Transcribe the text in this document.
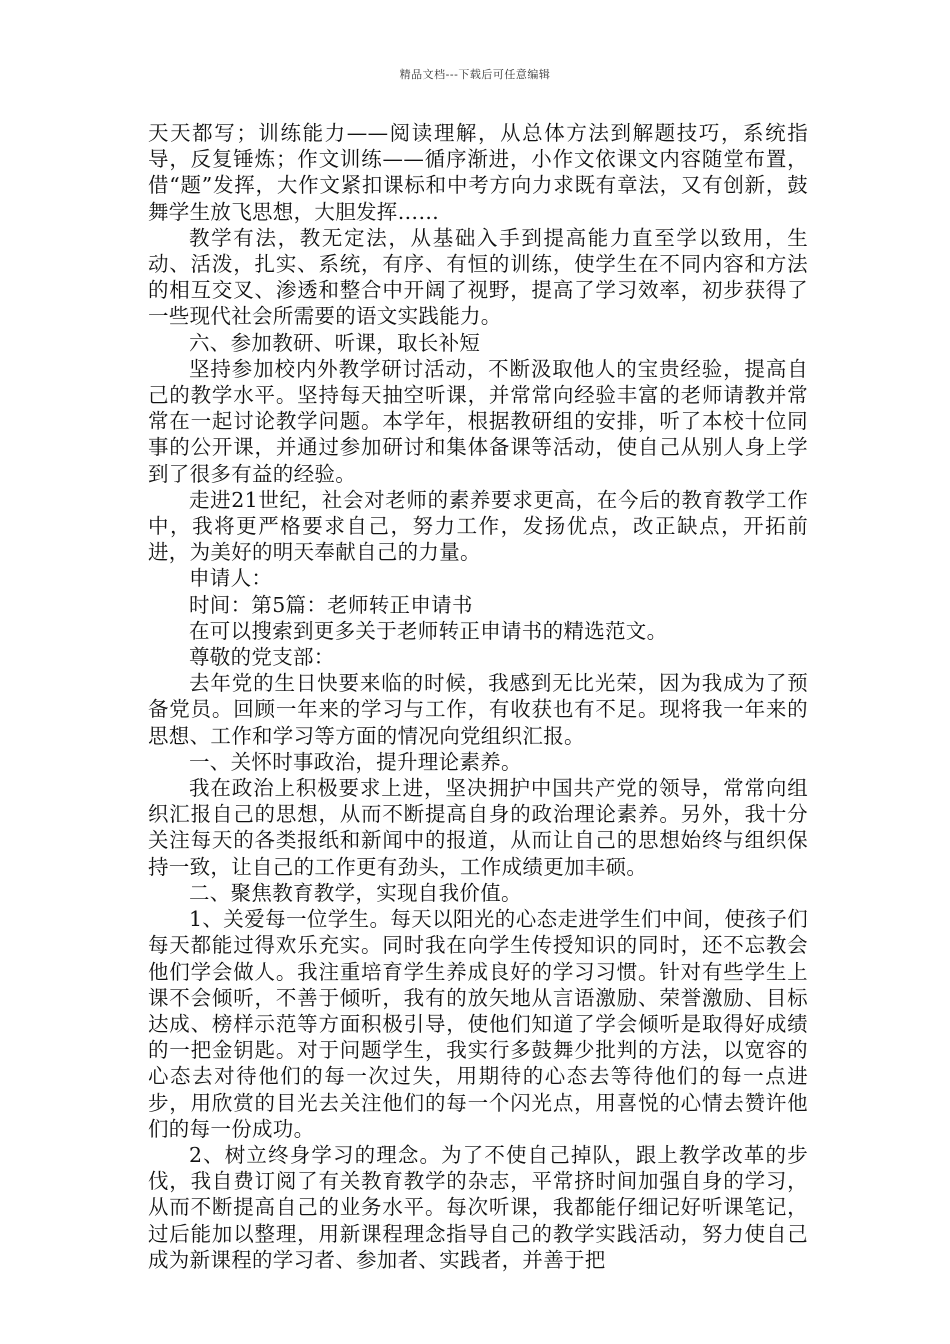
精品文档---下载后可任意编辑

天天都写；训练能力——阅读理解，从总体方法到解题技巧，系统指导，反复锤炼；作文训练——循序渐进，小作文依课文内容随堂布置，借“题”发挥，大作文紧扣课标和中考方向力求既有章法，又有创新，鼓舞学生放飞思想，大胆发挥……

教学有法，教无定法，从基础入手到提高能力直至学以致用，生动、活泼，扎实、系统，有序、有恒的训练，使学生在不同内容和方法的相互交叉、渗透和整合中开阔了视野，提高了学习效率，初步获得了一些现代社会所需要的语文实践能力。

六、参加教研、听课，取长补短

坚持参加校内外教学研讨活动，不断汲取他人的宝贵经验，提高自己的教学水平。坚持每天抽空听课，并常常向经验丰富的老师请教并常常在一起讨论教学问题。本学年，根据教研组的安排，听了本校十位同事的公开课，并通过参加研讨和集体备课等活动，使自己从别人身上学到了很多有益的经验。

走进21世纪，社会对老师的素养要求更高，在今后的教育教学工作中，我将更严格要求自己，努力工作，发扬优点，改正缺点，开拓前进，为美好的明天奉献自己的力量。

申请人：

时间：第5篇：老师转正申请书

在可以搜索到更多关于老师转正申请书的精选范文。

尊敬的党支部：

去年党的生日快要来临的时候，我感到无比光荣，因为我成为了预备党员。回顾一年来的学习与工作，有收获也有不足。现将我一年来的思想、工作和学习等方面的情况向党组织汇报。

一、关怀时事政治，提升理论素养。

我在政治上积极要求上进，坚决拥护中国共产党的领导，常常向组织汇报自己的思想，从而不断提高自身的政治理论素养。另外，我十分关注每天的各类报纸和新闻中的报道，从而让自己的思想始终与组织保持一致，让自己的工作更有劲头，工作成绩更加丰硕。

二、聚焦教育教学，实现自我价值。

1、关爱每一位学生。每天以阳光的心态走进学生们中间，使孩子们每天都能过得欢乐充实。同时我在向学生传授知识的同时，还不忘教会他们学会做人。我注重培育学生养成良好的学习习惯。针对有些学生上课不会倾听，不善于倾听，我有的放矢地从言语激励、荣誉激励、目标达成、榜样示范等方面积极引导，使他们知道了学会倾听是取得好成绩的一把金钥匙。对于问题学生，我实行多鼓舞少批判的方法，以宽容的心态去对待他们的每一次过失，用期待的心态去等待他们的每一点进步，用欣赏的目光去关注他们的每一个闪光点，用喜悦的心情去赞许他们的每一份成功。

2、树立终身学习的理念。为了不使自己掉队，跟上教学改革的步伐，我自费订阅了有关教育教学的杂志，平常挤时间加强自身的学习，从而不断提高自己的业务水平。每次听课，我都能仔细记好听课笔记，过后能加以整理，用新课程理念指导自己的教学实践活动，努力使自己成为新课程的学习者、参加者、实践者，并善于把
